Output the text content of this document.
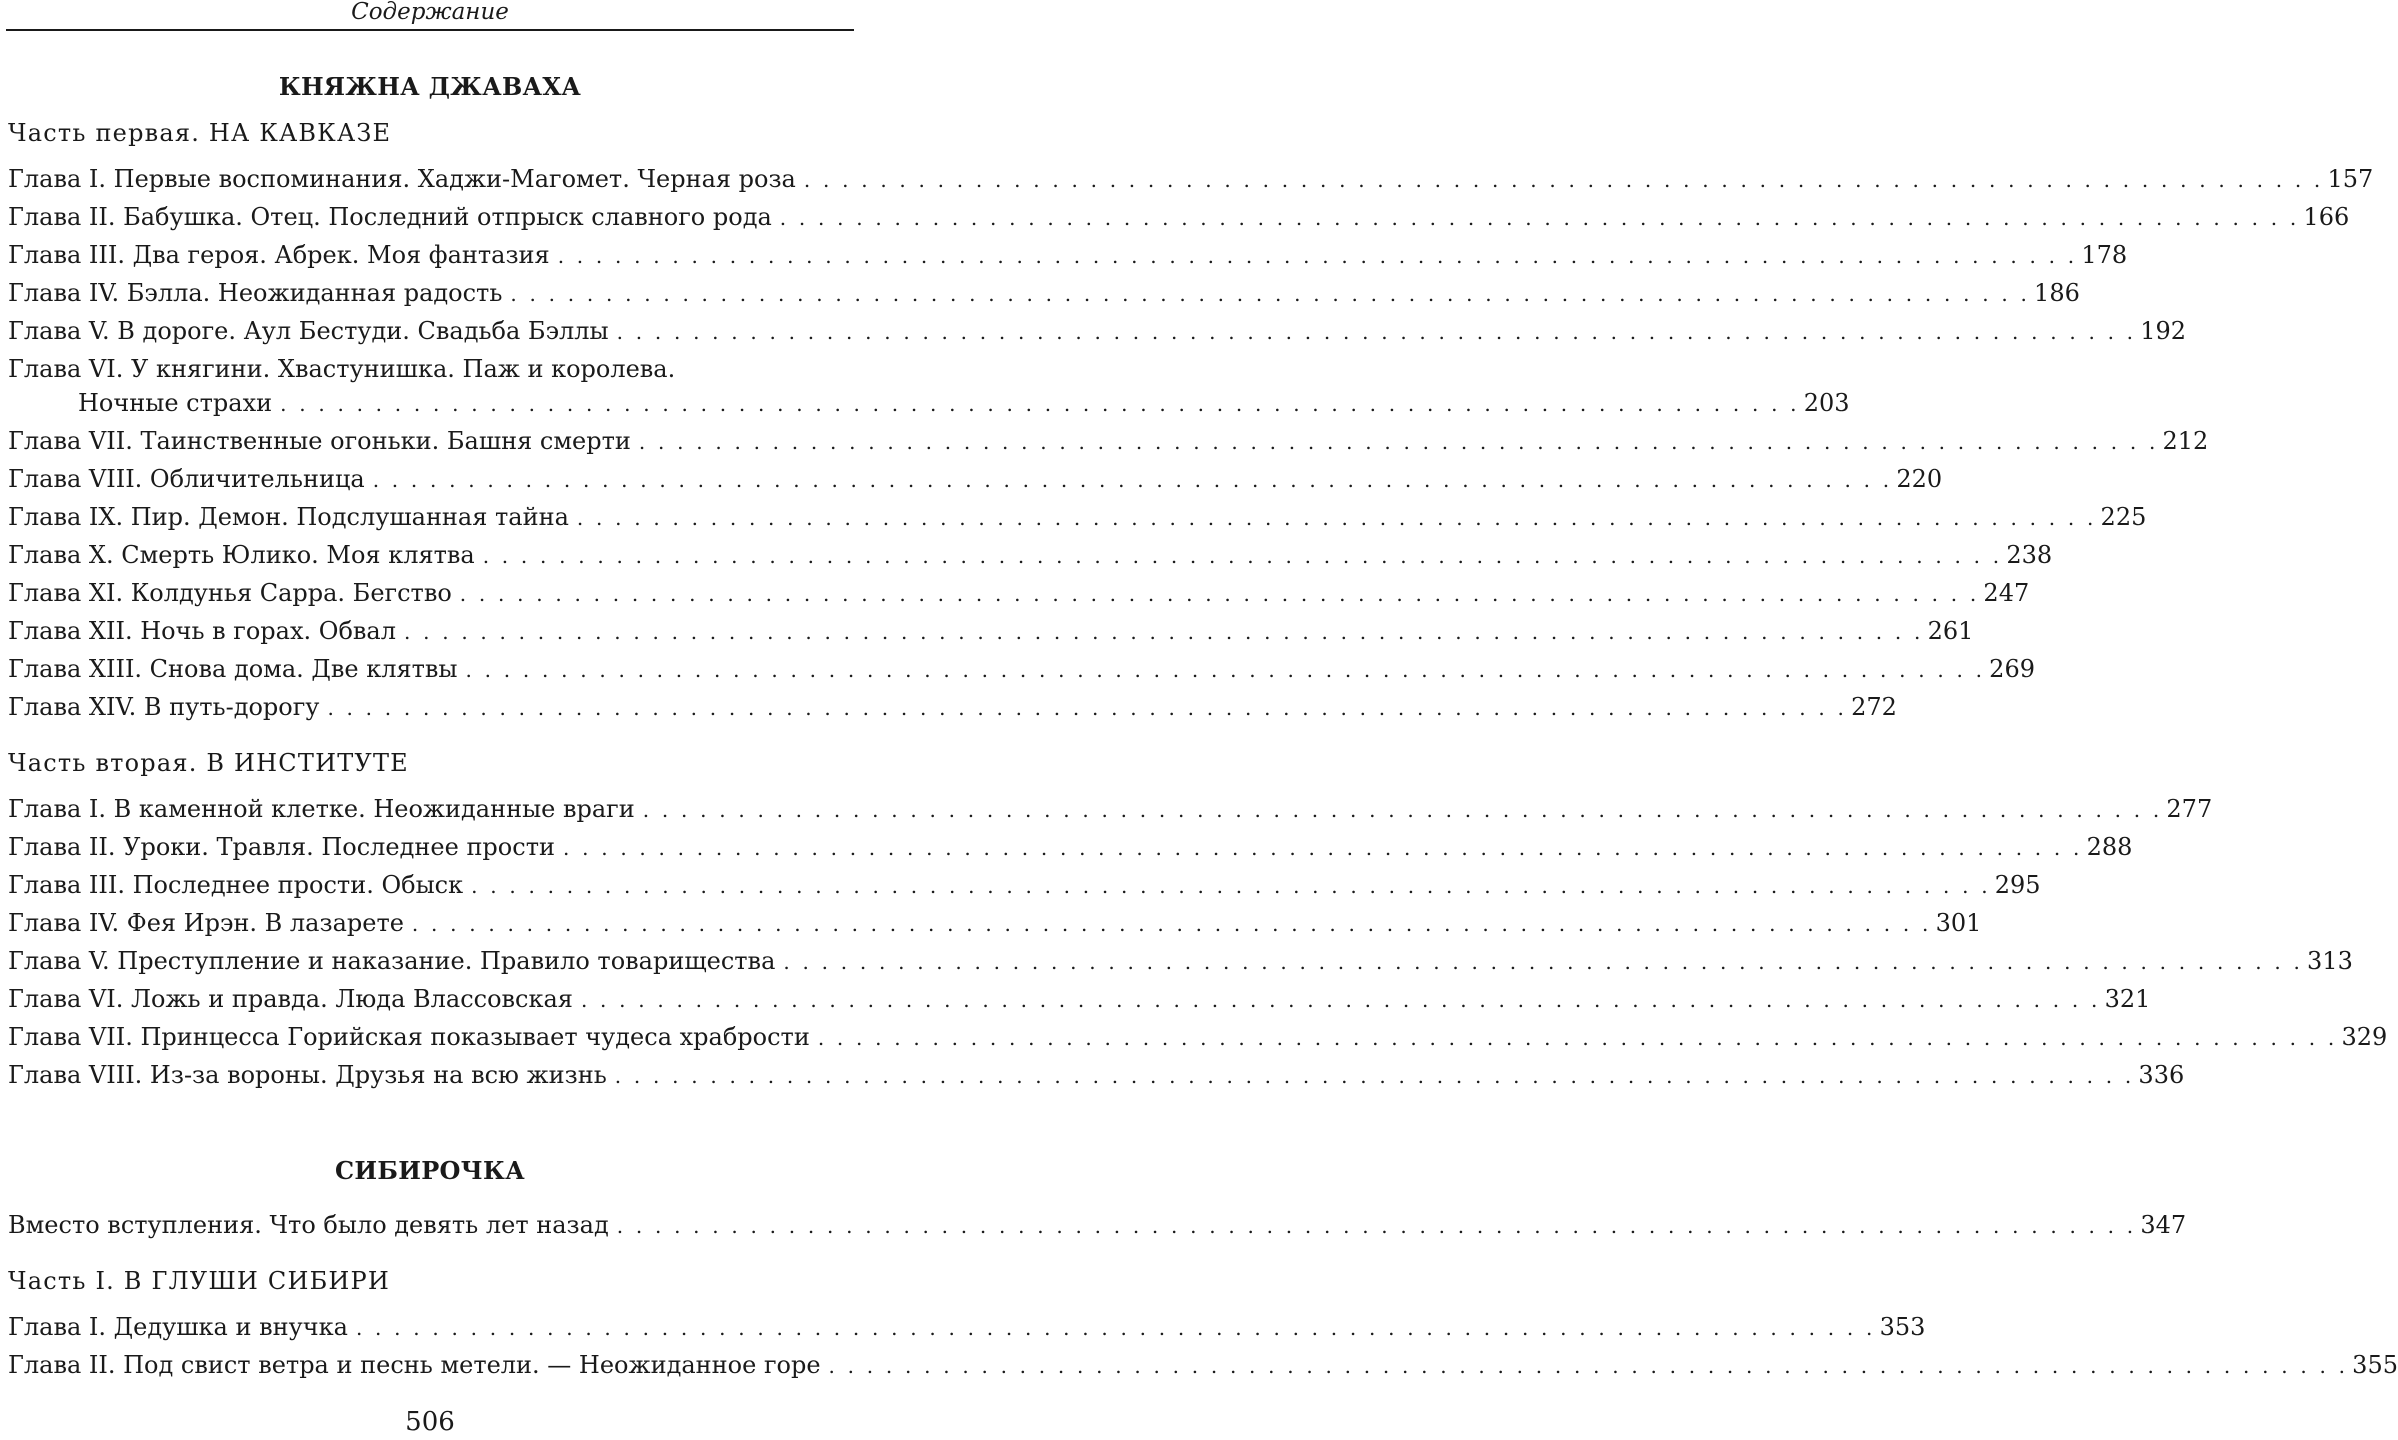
Содержание
КНЯЖНА ДЖАВАХА
Часть первая. НА КАВКАЗЕ
Глава I. Первые воспоминания. Хаджи-Магомет. Черная роза . . . . . . . . . . . . . . . . . . . . . . . . . . . . . . . . . . . . . . . . . . . . . . . . . . . . . . . . . . . . . . . . . . . . . . . . . . . . . . . . 157
Глава II. Бабушка. Отец. Последний отпрыск славного рода . . . . . . . . . . . . . . . . . . . . . . . . . . . . . . . . . . . . . . . . . . . . . . . . . . . . . . . . . . . . . . . . . . . . . . . . . . . . . . . . 166
Глава III. Два героя. Абрек. Моя фантазия . . . . . . . . . . . . . . . . . . . . . . . . . . . . . . . . . . . . . . . . . . . . . . . . . . . . . . . . . . . . . . . . . . . . . . . . . . . . . . . . 178
Глава IV. Бэлла. Неожиданная радость . . . . . . . . . . . . . . . . . . . . . . . . . . . . . . . . . . . . . . . . . . . . . . . . . . . . . . . . . . . . . . . . . . . . . . . . . . . . . . . . 186
Глава V. В дороге. Аул Бестуди. Свадьба Бэллы . . . . . . . . . . . . . . . . . . . . . . . . . . . . . . . . . . . . . . . . . . . . . . . . . . . . . . . . . . . . . . . . . . . . . . . . . . . . . . . . 192
Глава VI. У княгини. Хвастунишка. Паж и королева.
Ночные страхи . . . . . . . . . . . . . . . . . . . . . . . . . . . . . . . . . . . . . . . . . . . . . . . . . . . . . . . . . . . . . . . . . . . . . . . . . . . . . . . . 203
Глава VII. Таинственные огоньки. Башня смерти . . . . . . . . . . . . . . . . . . . . . . . . . . . . . . . . . . . . . . . . . . . . . . . . . . . . . . . . . . . . . . . . . . . . . . . . . . . . . . . . 212
Глава VIII. Обличительница . . . . . . . . . . . . . . . . . . . . . . . . . . . . . . . . . . . . . . . . . . . . . . . . . . . . . . . . . . . . . . . . . . . . . . . . . . . . . . . . 220
Глава IX. Пир. Демон. Подслушанная тайна . . . . . . . . . . . . . . . . . . . . . . . . . . . . . . . . . . . . . . . . . . . . . . . . . . . . . . . . . . . . . . . . . . . . . . . . . . . . . . . . 225
Глава X. Смерть Юлико. Моя клятва . . . . . . . . . . . . . . . . . . . . . . . . . . . . . . . . . . . . . . . . . . . . . . . . . . . . . . . . . . . . . . . . . . . . . . . . . . . . . . . . 238
Глава XI. Колдунья Сарра. Бегство . . . . . . . . . . . . . . . . . . . . . . . . . . . . . . . . . . . . . . . . . . . . . . . . . . . . . . . . . . . . . . . . . . . . . . . . . . . . . . . . 247
Глава XII. Ночь в горах. Обвал . . . . . . . . . . . . . . . . . . . . . . . . . . . . . . . . . . . . . . . . . . . . . . . . . . . . . . . . . . . . . . . . . . . . . . . . . . . . . . . . 261
Глава XIII. Снова дома. Две клятвы . . . . . . . . . . . . . . . . . . . . . . . . . . . . . . . . . . . . . . . . . . . . . . . . . . . . . . . . . . . . . . . . . . . . . . . . . . . . . . . . 269
Глава XIV. В путь-дорогу . . . . . . . . . . . . . . . . . . . . . . . . . . . . . . . . . . . . . . . . . . . . . . . . . . . . . . . . . . . . . . . . . . . . . . . . . . . . . . . . 272
Часть вторая. В ИНСТИТУТЕ
Глава I. В каменной клетке. Неожиданные враги . . . . . . . . . . . . . . . . . . . . . . . . . . . . . . . . . . . . . . . . . . . . . . . . . . . . . . . . . . . . . . . . . . . . . . . . . . . . . . . . 277
Глава II. Уроки. Травля. Последнее прости . . . . . . . . . . . . . . . . . . . . . . . . . . . . . . . . . . . . . . . . . . . . . . . . . . . . . . . . . . . . . . . . . . . . . . . . . . . . . . . . 288
Глава III. Последнее прости. Обыск . . . . . . . . . . . . . . . . . . . . . . . . . . . . . . . . . . . . . . . . . . . . . . . . . . . . . . . . . . . . . . . . . . . . . . . . . . . . . . . . 295
Глава IV. Фея Ирэн. В лазарете . . . . . . . . . . . . . . . . . . . . . . . . . . . . . . . . . . . . . . . . . . . . . . . . . . . . . . . . . . . . . . . . . . . . . . . . . . . . . . . . 301
Глава V. Преступление и наказание. Правило товарищества . . . . . . . . . . . . . . . . . . . . . . . . . . . . . . . . . . . . . . . . . . . . . . . . . . . . . . . . . . . . . . . . . . . . . . . . . . . . . . . . 313
Глава VI. Ложь и правда. Люда Влассовская . . . . . . . . . . . . . . . . . . . . . . . . . . . . . . . . . . . . . . . . . . . . . . . . . . . . . . . . . . . . . . . . . . . . . . . . . . . . . . . . 321
Глава VII. Принцесса Горийская показывает чудеса храбрости . . . . . . . . . . . . . . . . . . . . . . . . . . . . . . . . . . . . . . . . . . . . . . . . . . . . . . . . . . . . . . . . . . . . . . . . . . . . . . . . 329
Глава VIII. Из-за вороны. Друзья на всю жизнь . . . . . . . . . . . . . . . . . . . . . . . . . . . . . . . . . . . . . . . . . . . . . . . . . . . . . . . . . . . . . . . . . . . . . . . . . . . . . . . . 336
СИБИРОЧКА
Вместо вступления. Что было девять лет назад . . . . . . . . . . . . . . . . . . . . . . . . . . . . . . . . . . . . . . . . . . . . . . . . . . . . . . . . . . . . . . . . . . . . . . . . . . . . . . . . 347
Часть I. В ГЛУШИ СИБИРИ
Глава I. Дедушка и внучка . . . . . . . . . . . . . . . . . . . . . . . . . . . . . . . . . . . . . . . . . . . . . . . . . . . . . . . . . . . . . . . . . . . . . . . . . . . . . . . . 353
Глава II. Под свист ветра и песнь метели. — Неожиданное горе . . . . . . . . . . . . . . . . . . . . . . . . . . . . . . . . . . . . . . . . . . . . . . . . . . . . . . . . . . . . . . . . . . . . . . . . . . . . . . . . 355
506
